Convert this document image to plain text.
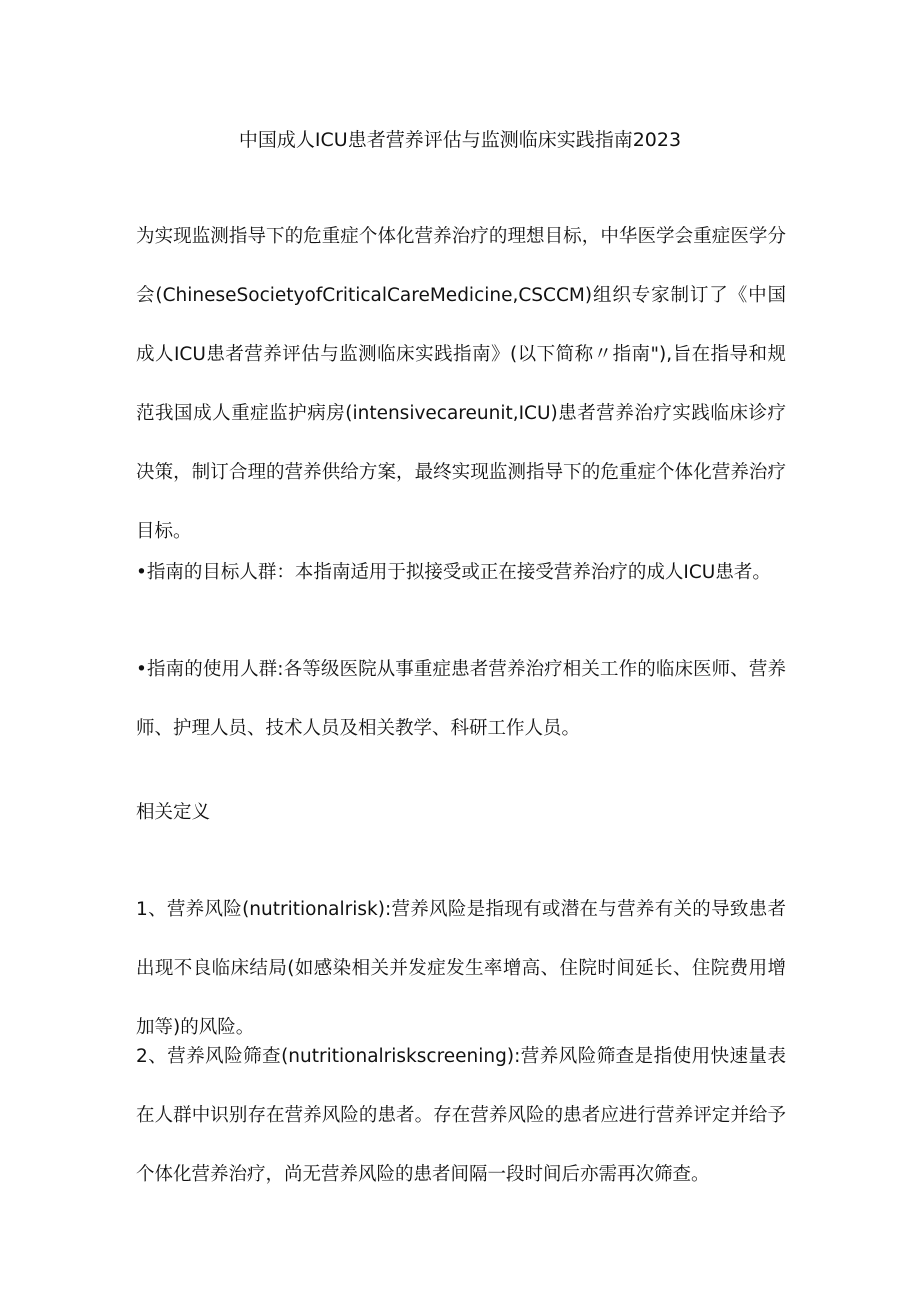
中国成人ICU患者营养评估与监测临床实践指南2023

为实现监测指导下的危重症个体化营养治疗的理想目标，中华医学会重症医学分会(ChineseSocietyofCriticalCareMedicine,CSCCM)组织专家制订了《中国成人ICU患者营养评估与监测临床实践指南》(以下简称〃指南"),旨在指导和规范我国成人重症监护病房(intensivecareunit,ICU)患者营养治疗实践临床诊疗决策，制订合理的营养供给方案，最终实现监测指导下的危重症个体化营养治疗目标。

•指南的目标人群：本指南适用于拟接受或正在接受营养治疗的成人ICU患者。

•指南的使用人群:各等级医院从事重症患者营养治疗相关工作的临床医师、营养师、护理人员、技术人员及相关教学、科研工作人员。

相关定义

1、营养风险(nutritionalrisk):营养风险是指现有或潜在与营养有关的导致患者出现不良临床结局(如感染相关并发症发生率增高、住院时间延长、住院费用增加等)的风险。

2、营养风险筛查(nutritionalriskscreening):营养风险筛查是指使用快速量表在人群中识别存在营养风险的患者。存在营养风险的患者应进行营养评定并给予个体化营养治疗，尚无营养风险的患者间隔一段时间后亦需再次筛查。
